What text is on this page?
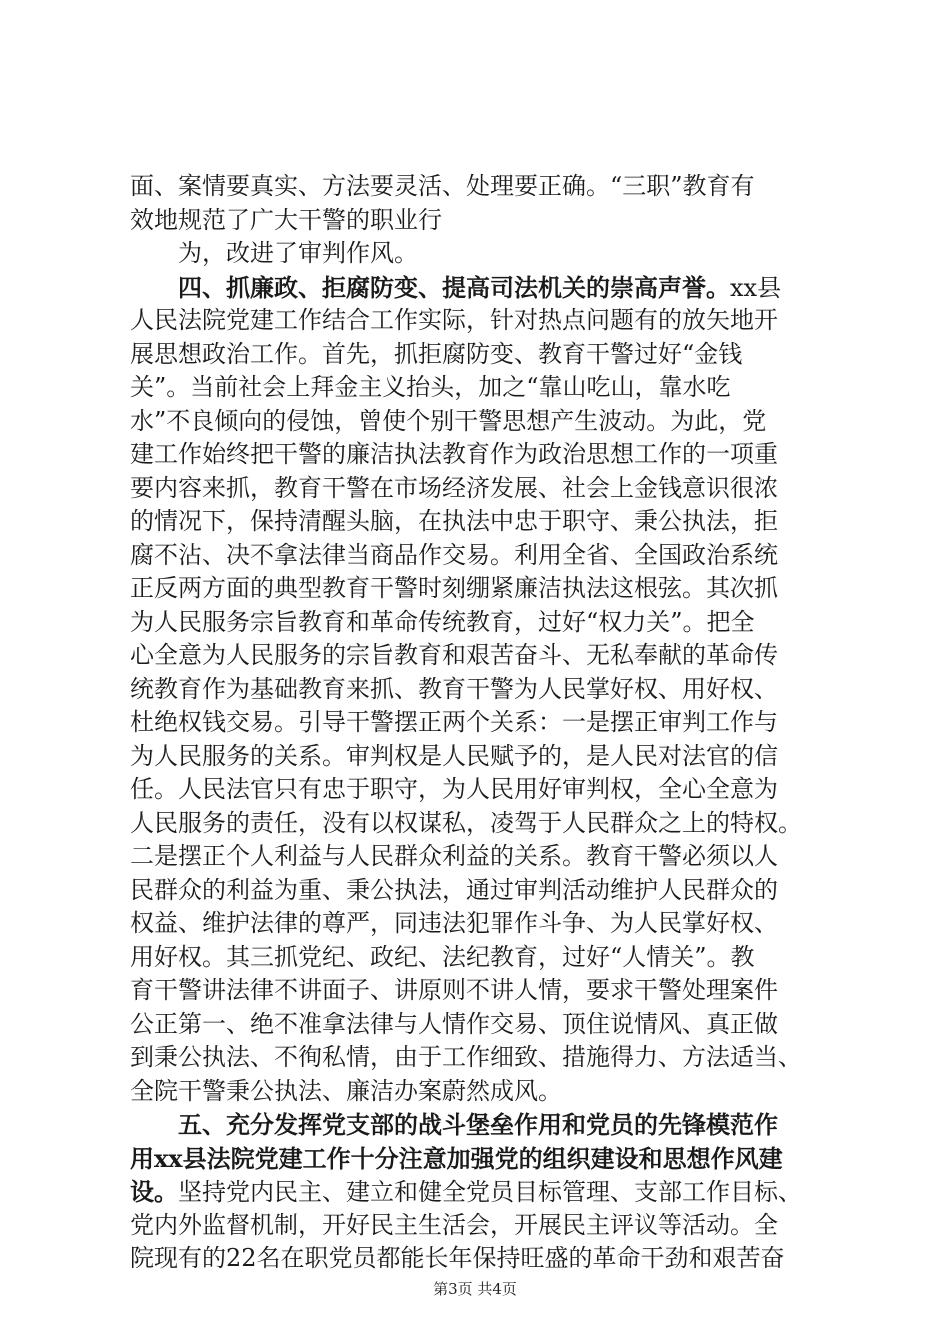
面、案情要真实、方法要灵活、处理要正确。“三职”教育有
效地规范了广大干警的职业行
为，改进了审判作风。
四、抓廉政、拒腐防变、提高司法机关的崇高声誉。xx县
人民法院党建工作结合工作实际，针对热点问题有的放矢地开
展思想政治工作。首先，抓拒腐防变、教育干警过好“金钱
关”。当前社会上拜金主义抬头，加之“靠山吃山，靠水吃
水”不良倾向的侵蚀，曾使个别干警思想产生波动。为此，党
建工作始终把干警的廉洁执法教育作为政治思想工作的一项重
要内容来抓，教育干警在市场经济发展、社会上金钱意识很浓
的情况下，保持清醒头脑，在执法中忠于职守、秉公执法，拒
腐不沾、决不拿法律当商品作交易。利用全省、全国政治系统
正反两方面的典型教育干警时刻绷紧廉洁执法这根弦。其次抓
为人民服务宗旨教育和革命传统教育，过好“权力关”。把全
心全意为人民服务的宗旨教育和艰苦奋斗、无私奉献的革命传
统教育作为基础教育来抓、教育干警为人民掌好权、用好权、
杜绝权钱交易。引导干警摆正两个关系：一是摆正审判工作与
为人民服务的关系。审判权是人民赋予的，是人民对法官的信
任。人民法官只有忠于职守，为人民用好审判权，全心全意为
人民服务的责任，没有以权谋私，凌驾于人民群众之上的特权。
二是摆正个人利益与人民群众利益的关系。教育干警必须以人
民群众的利益为重、秉公执法，通过审判活动维护人民群众的
权益、维护法律的尊严，同违法犯罪作斗争、为人民掌好权、
用好权。其三抓党纪、政纪、法纪教育，过好“人情关”。教
育干警讲法律不讲面子、讲原则不讲人情，要求干警处理案件
公正第一、绝不准拿法律与人情作交易、顶住说情风、真正做
到秉公执法、不徇私情，由于工作细致、措施得力、方法适当、
全院干警秉公执法、廉洁办案蔚然成风。
五、充分发挥党支部的战斗堡垒作用和党员的先锋模范作
用xx县法院党建工作十分注意加强党的组织建设和思想作风建
设。坚持党内民主、建立和健全党员目标管理、支部工作目标、
党内外监督机制，开好民主生活会，开展民主评议等活动。全
院现有的22名在职党员都能长年保持旺盛的革命干劲和艰苦奋
第3页 共4页
